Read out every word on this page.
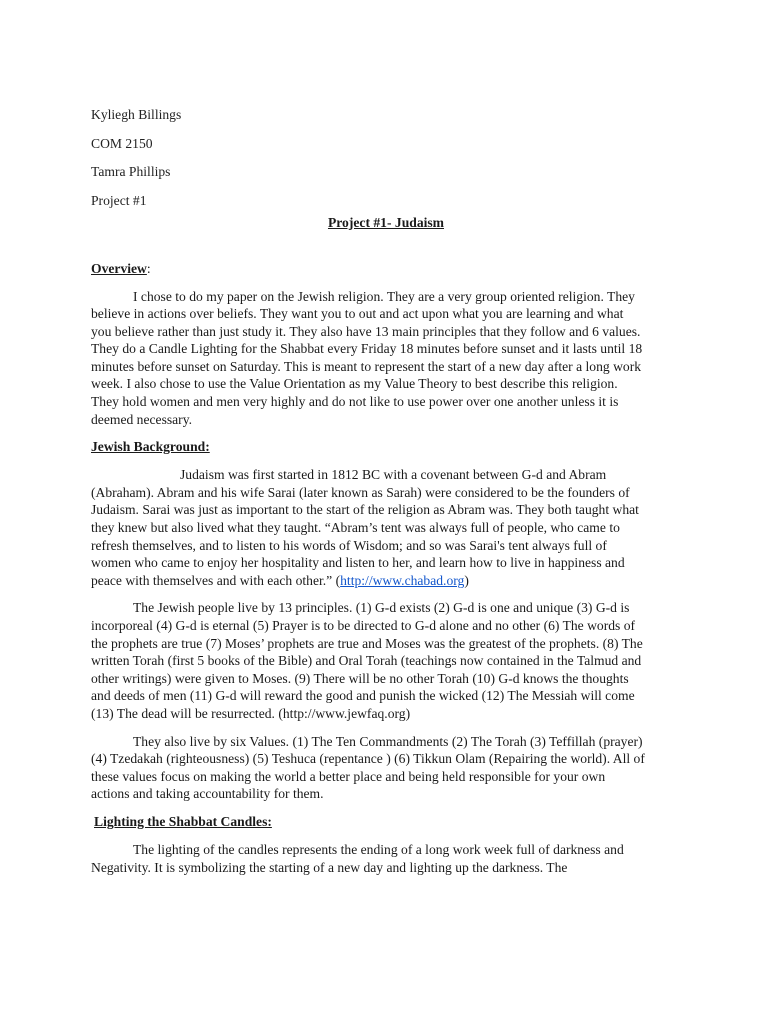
Kyliegh Billings
COM 2150
Tamra Phillips
Project #1
Project #1- Judaism

Overview:

I chose to do my paper on the Jewish religion. They are a very group oriented religion. They believe in actions over beliefs. They want you to out and act upon what you are learning and what you believe rather than just study it. They also have 13 main principles that they follow and 6 values. They do a Candle Lighting for the Shabbat every Friday 18 minutes before sunset and it lasts until 18 minutes before sunset on Saturday. This is meant to represent the start of a new day after a long work week. I also chose to use the Value Orientation as my Value Theory to best describe this religion. They hold women and men very highly and do not like to use power over one another unless it is deemed necessary.

Jewish Background:

Judaism was first started in 1812 BC with a covenant between G-d and Abram (Abraham). Abram and his wife Sarai (later known as Sarah) were considered to be the founders of Judaism. Sarai was just as important to the start of the religion as Abram was. They both taught what they knew but also lived what they taught. “Abram’s tent was always full of people, who came to refresh themselves, and to listen to his words of Wisdom; and so was Sarai's tent always full of women who came to enjoy her hospitality and listen to her, and learn how to live in happiness and peace with themselves and with each other.” (http://www.chabad.org)

The Jewish people live by 13 principles. (1) G-d exists (2) G-d is one and unique (3) G-d is incorporeal (4) G-d is eternal (5) Prayer is to be directed to G-d alone and no other (6) The words of the prophets are true (7) Moses’ prophets are true and Moses was the greatest of the prophets. (8) The written Torah (first 5 books of the Bible) and Oral Torah (teachings now contained in the Talmud and other writings) were given to Moses. (9) There will be no other Torah (10) G-d knows the thoughts and deeds of men (11) G-d will reward the good and punish the wicked (12) The Messiah will come (13) The dead will be resurrected. (http://www.jewfaq.org)

They also live by six Values. (1) The Ten Commandments (2) The Torah (3) Teffillah (prayer) (4) Tzedakah (righteousness) (5) Teshuca (repentance ) (6) Tikkun Olam (Repairing the world). All of these values focus on making the world a better place and being held responsible for your own actions and taking accountability for them.

Lighting the Shabbat Candles:

The lighting of the candles represents the ending of a long work week full of darkness and Negativity. It is symbolizing the starting of a new day and lighting up the darkness. The
